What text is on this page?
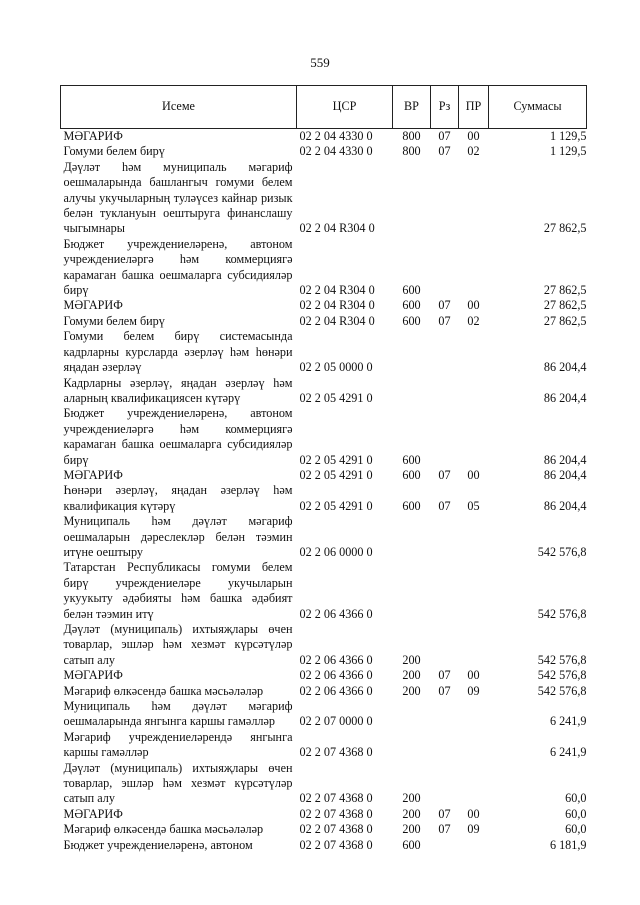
559
Исеме	ЦСР	ВР	Рз	ПР	Суммасы
МӘГАРИФ	02 2 04 4330 0	800	07	00	1 129,5
Гомуми белем бирү	02 2 04 4330 0	800	07	02	1 129,5
Дәүләт һәм муниципаль мәгариф оешмаларында башлангыч гомуми белем алучы укучыларның туләүсез кайнар ризык белән туклануын оештыруга финанслашу чыгымнары	02 2 04 R304 0				27 862,5
Бюджет учреждениеләренә, автоном учреждениеләргә һәм коммерциягә карамаган башка оешмаларга субсидияләр бирү	02 2 04 R304 0	600			27 862,5
МӘГАРИФ	02 2 04 R304 0	600	07	00	27 862,5
Гомуми белем бирү	02 2 04 R304 0	600	07	02	27 862,5
Гомуми белем бирү системасында кадрларны курсларда әзерләү һәм һөнәри яңадан әзерләү	02 2 05 0000 0				86 204,4
Кадрларны әзерләү, яңадан әзерләү һәм аларның квалификациясен күтәрү	02 2 05 4291 0				86 204,4
Бюджет учреждениеләренә, автоном учреждениеләргә һәм коммерциягә карамаган башка оешмаларга субсидияләр бирү	02 2 05 4291 0	600			86 204,4
МӘГАРИФ	02 2 05 4291 0	600	07	00	86 204,4
Һөнәри әзерләү, яңадан әзерләү һәм квалификация күтәрү	02 2 05 4291 0	600	07	05	86 204,4
Муниципаль һәм дәүләт мәгариф оешмаларын дәреслекләр белән тәэмин итүне оештыру	02 2 06 0000 0				542 576,8
Татарстан Республикасы гомуми белем бирү учреждениеләре укучыларын укуукыту әдәбияты һәм башка әдәбият белән тәэмин итү	02 2 06 4366 0				542 576,8
Дәүләт (муниципаль) ихтыяҗлары өчен товарлар, эшләр һәм хезмәт күрсәтүләр сатып алу	02 2 06 4366 0	200			542 576,8
МӘГАРИФ	02 2 06 4366 0	200	07	00	542 576,8
Мәгариф өлкәсендә башка мәсьәләләр	02 2 06 4366 0	200	07	09	542 576,8
Муниципаль һәм дәүләт мәгариф оешмаларында янгынга каршы гамәлләр	02 2 07 0000 0				6 241,9
Мәгариф учреждениеләрендә янгынга каршы гамәлләр	02 2 07 4368 0				6 241,9
Дәүләт (муниципаль) ихтыяҗлары өчен товарлар, эшләр һәм хезмәт күрсәтүләр сатып алу	02 2 07 4368 0	200			60,0
МӘГАРИФ	02 2 07 4368 0	200	07	00	60,0
Мәгариф өлкәсендә башка мәсьәләләр	02 2 07 4368 0	200	07	09	60,0
Бюджет учреждениеләренә, автоном	02 2 07 4368 0	600			6 181,9
